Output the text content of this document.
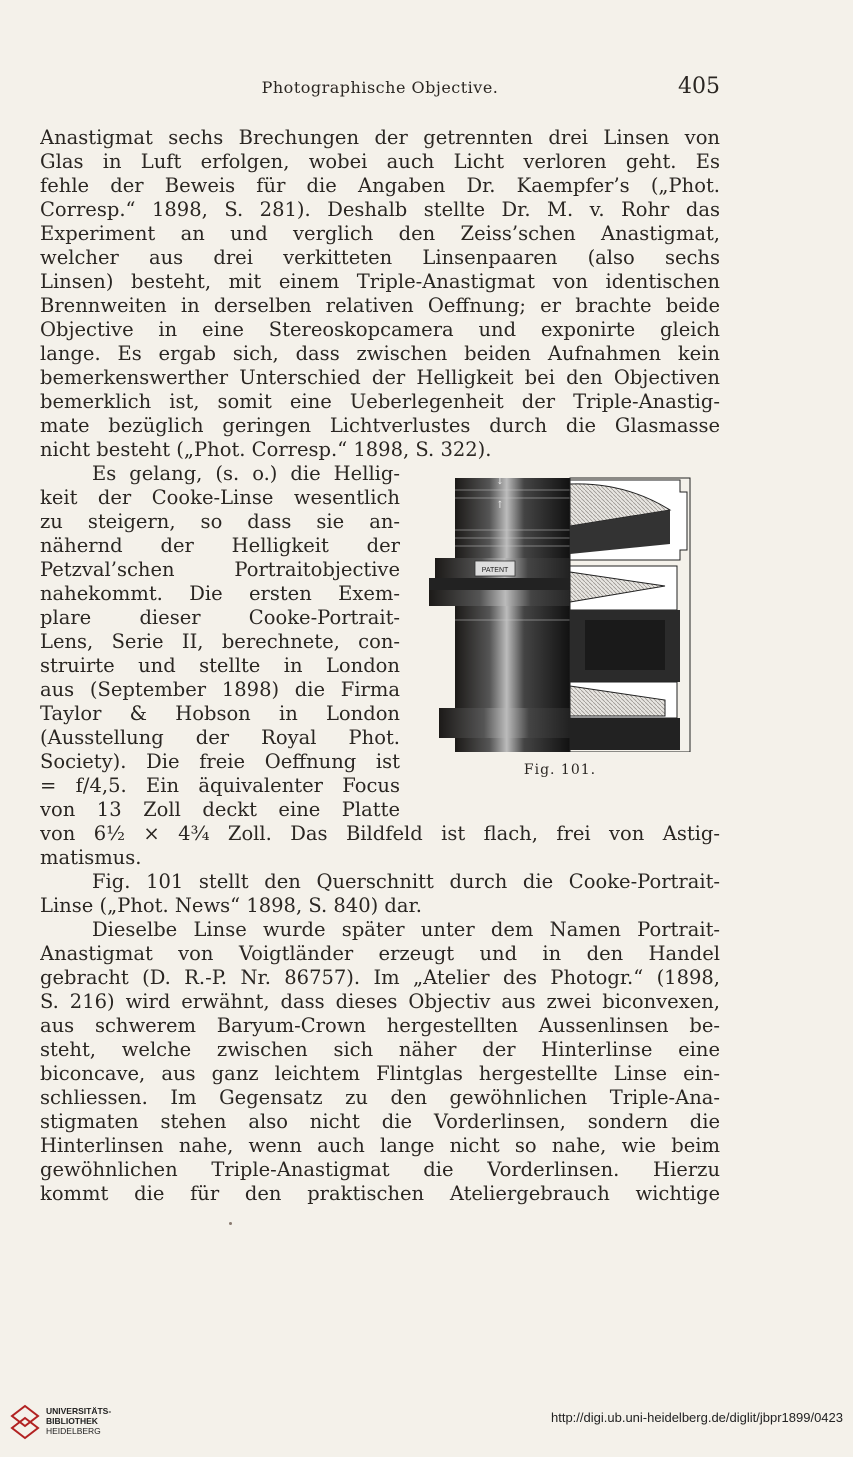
Photographische Objective.	405
Anastigmat sechs Brechungen der getrennten drei Linsen von
Glas in Luft erfolgen, wobei auch Licht verloren geht. Es
fehle der Beweis für die Angaben Dr. Kaempfer’s („Phot.
Corresp.“ 1898, S. 281). Deshalb stellte Dr. M. v. Rohr das
Experiment an und verglich den Zeiss’schen Anastigmat,
welcher aus drei verkitteten Linsenpaaren (also sechs
Linsen) besteht, mit einem Triple-Anastigmat von identischen
Brennweiten in derselben relativen Oeffnung; er brachte beide
Objective in eine Stereoskopcamera und exponirte gleich
lange. Es ergab sich, dass zwischen beiden Aufnahmen kein
bemerkenswerther Unterschied der Helligkeit bei den Objectiven
bemerklich ist, somit eine Ueberlegenheit der Triple-Anastig-
mate bezüglich geringen Lichtverlustes durch die Glasmasse
nicht besteht („Phot. Corresp.“ 1898, S. 322).
Es gelang, (s. o.) die Hellig-
keit der Cooke-Linse wesentlich
zu steigern, so dass sie an-
nähernd der Helligkeit der
Petzval’schen Portraitobjective
nahekommt. Die ersten Exem-
plare dieser Cooke-Portrait-
Lens, Serie II, berechnete, con-
struirte und stellte in London
aus (September 1898) die Firma
Taylor & Hobson in London
(Ausstellung der Royal Phot.
Society). Die freie Oeffnung ist
= f/4,5. Ein äquivalenter Focus
von 13 Zoll deckt eine Platte
PATENT
↓
↑
Fig. 101.
von 6½ × 4¾ Zoll. Das Bildfeld ist flach, frei von Astig-
matismus.
Fig. 101 stellt den Querschnitt durch die Cooke-Portrait-
Linse („Phot. News“ 1898, S. 840) dar.
Dieselbe Linse wurde später unter dem Namen Portrait-
Anastigmat von Voigtländer erzeugt und in den Handel
gebracht (D. R.-P. Nr. 86757). Im „Atelier des Photogr.“ (1898,
S. 216) wird erwähnt, dass dieses Objectiv aus zwei biconvexen,
aus schwerem Baryum-Crown hergestellten Aussenlinsen be-
steht, welche zwischen sich näher der Hinterlinse eine
biconcave, aus ganz leichtem Flintglas hergestellte Linse ein-
schliessen. Im Gegensatz zu den gewöhnlichen Triple-Ana-
stigmaten stehen also nicht die Vorderlinsen, sondern die
Hinterlinsen nahe, wenn auch lange nicht so nahe, wie beim
gewöhnlichen Triple-Anastigmat die Vorderlinsen. Hierzu
kommt die für den praktischen Ateliergebrauch wichtige
UNIVERSITÄTS-
BIBLIOTHEK
HEIDELBERG
http://digi.ub.uni-heidelberg.de/diglit/jbpr1899/0423
